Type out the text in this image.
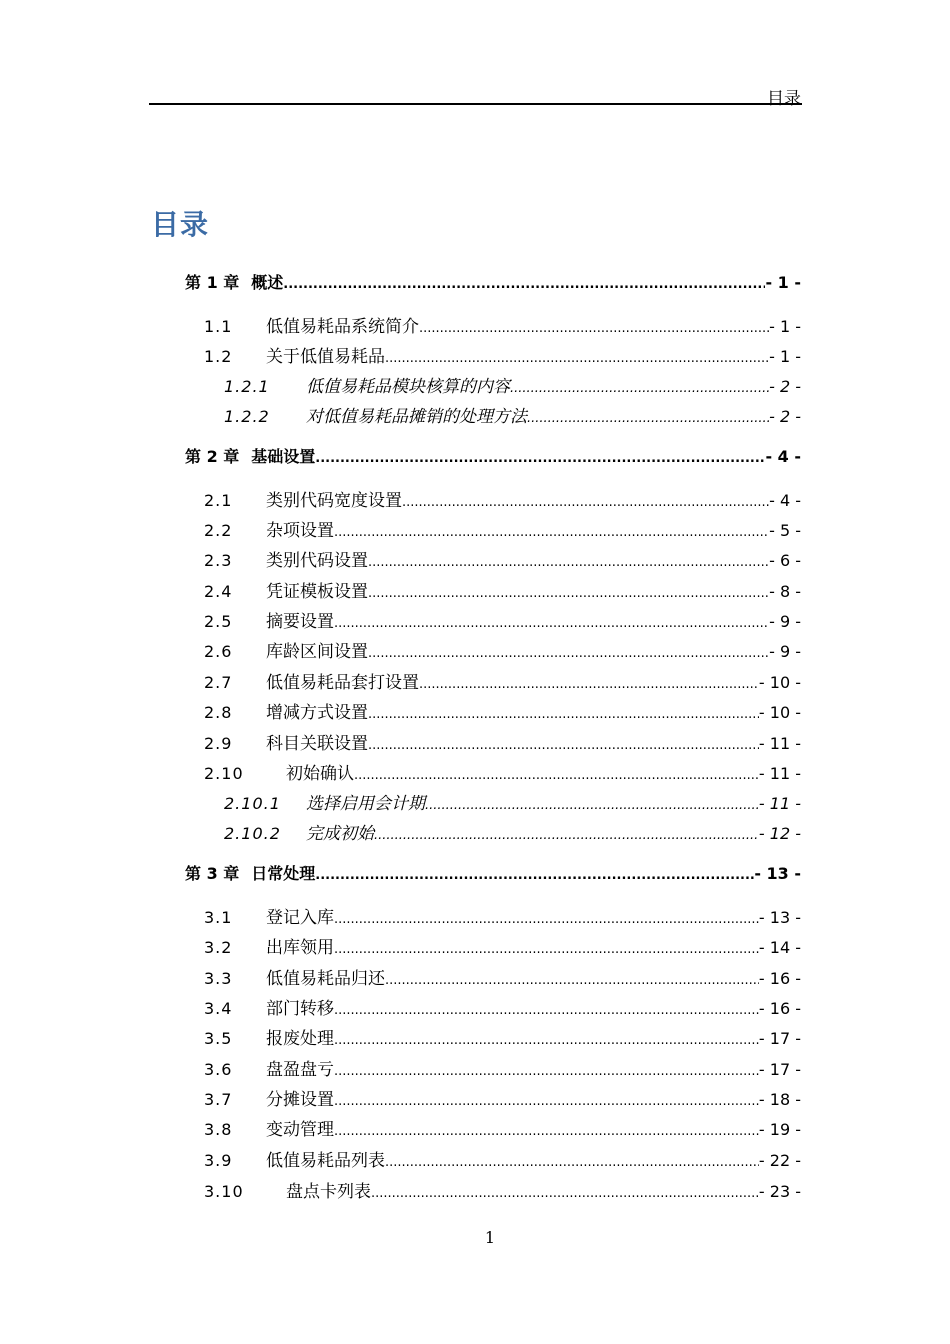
目录
目录
第 1 章 概述 .....	- 1 -
1.1	低值易耗品系统简介 .....	- 1 -
1.2	关于低值易耗品 .....	- 1 -
1.2.1	低值易耗品模块核算的内容 .....	- 2 -
1.2.2	对低值易耗品摊销的处理方法 .....	- 2 -
第 2 章 基础设置 .....	- 4 -
2.1	类别代码宽度设置 .....	- 4 -
2.2	杂项设置 .....	- 5 -
2.3	类别代码设置 .....	- 6 -
2.4	凭证模板设置 .....	- 8 -
2.5	摘要设置 .....	- 9 -
2.6	库龄区间设置 .....	- 9 -
2.7	低值易耗品套打设置 .....	- 10 -
2.8	增减方式设置 .....	- 10 -
2.9	科目关联设置 .....	- 11 -
2.10	初始确认 .....	- 11 -
2.10.1	选择启用会计期 .....	- 11 -
2.10.2	完成初始 .....	- 12 -
第 3 章 日常处理 .....	- 13 -
3.1	登记入库 .....	- 13 -
3.2	出库领用 .....	- 14 -
3.3	低值易耗品归还 .....	- 16 -
3.4	部门转移 .....	- 16 -
3.5	报废处理 .....	- 17 -
3.6	盘盈盘亏 .....	- 17 -
3.7	分摊设置 .....	- 18 -
3.8	变动管理 .....	- 19 -
3.9	低值易耗品列表 .....	- 22 -
3.10	盘点卡列表 .....	- 23 -
1
